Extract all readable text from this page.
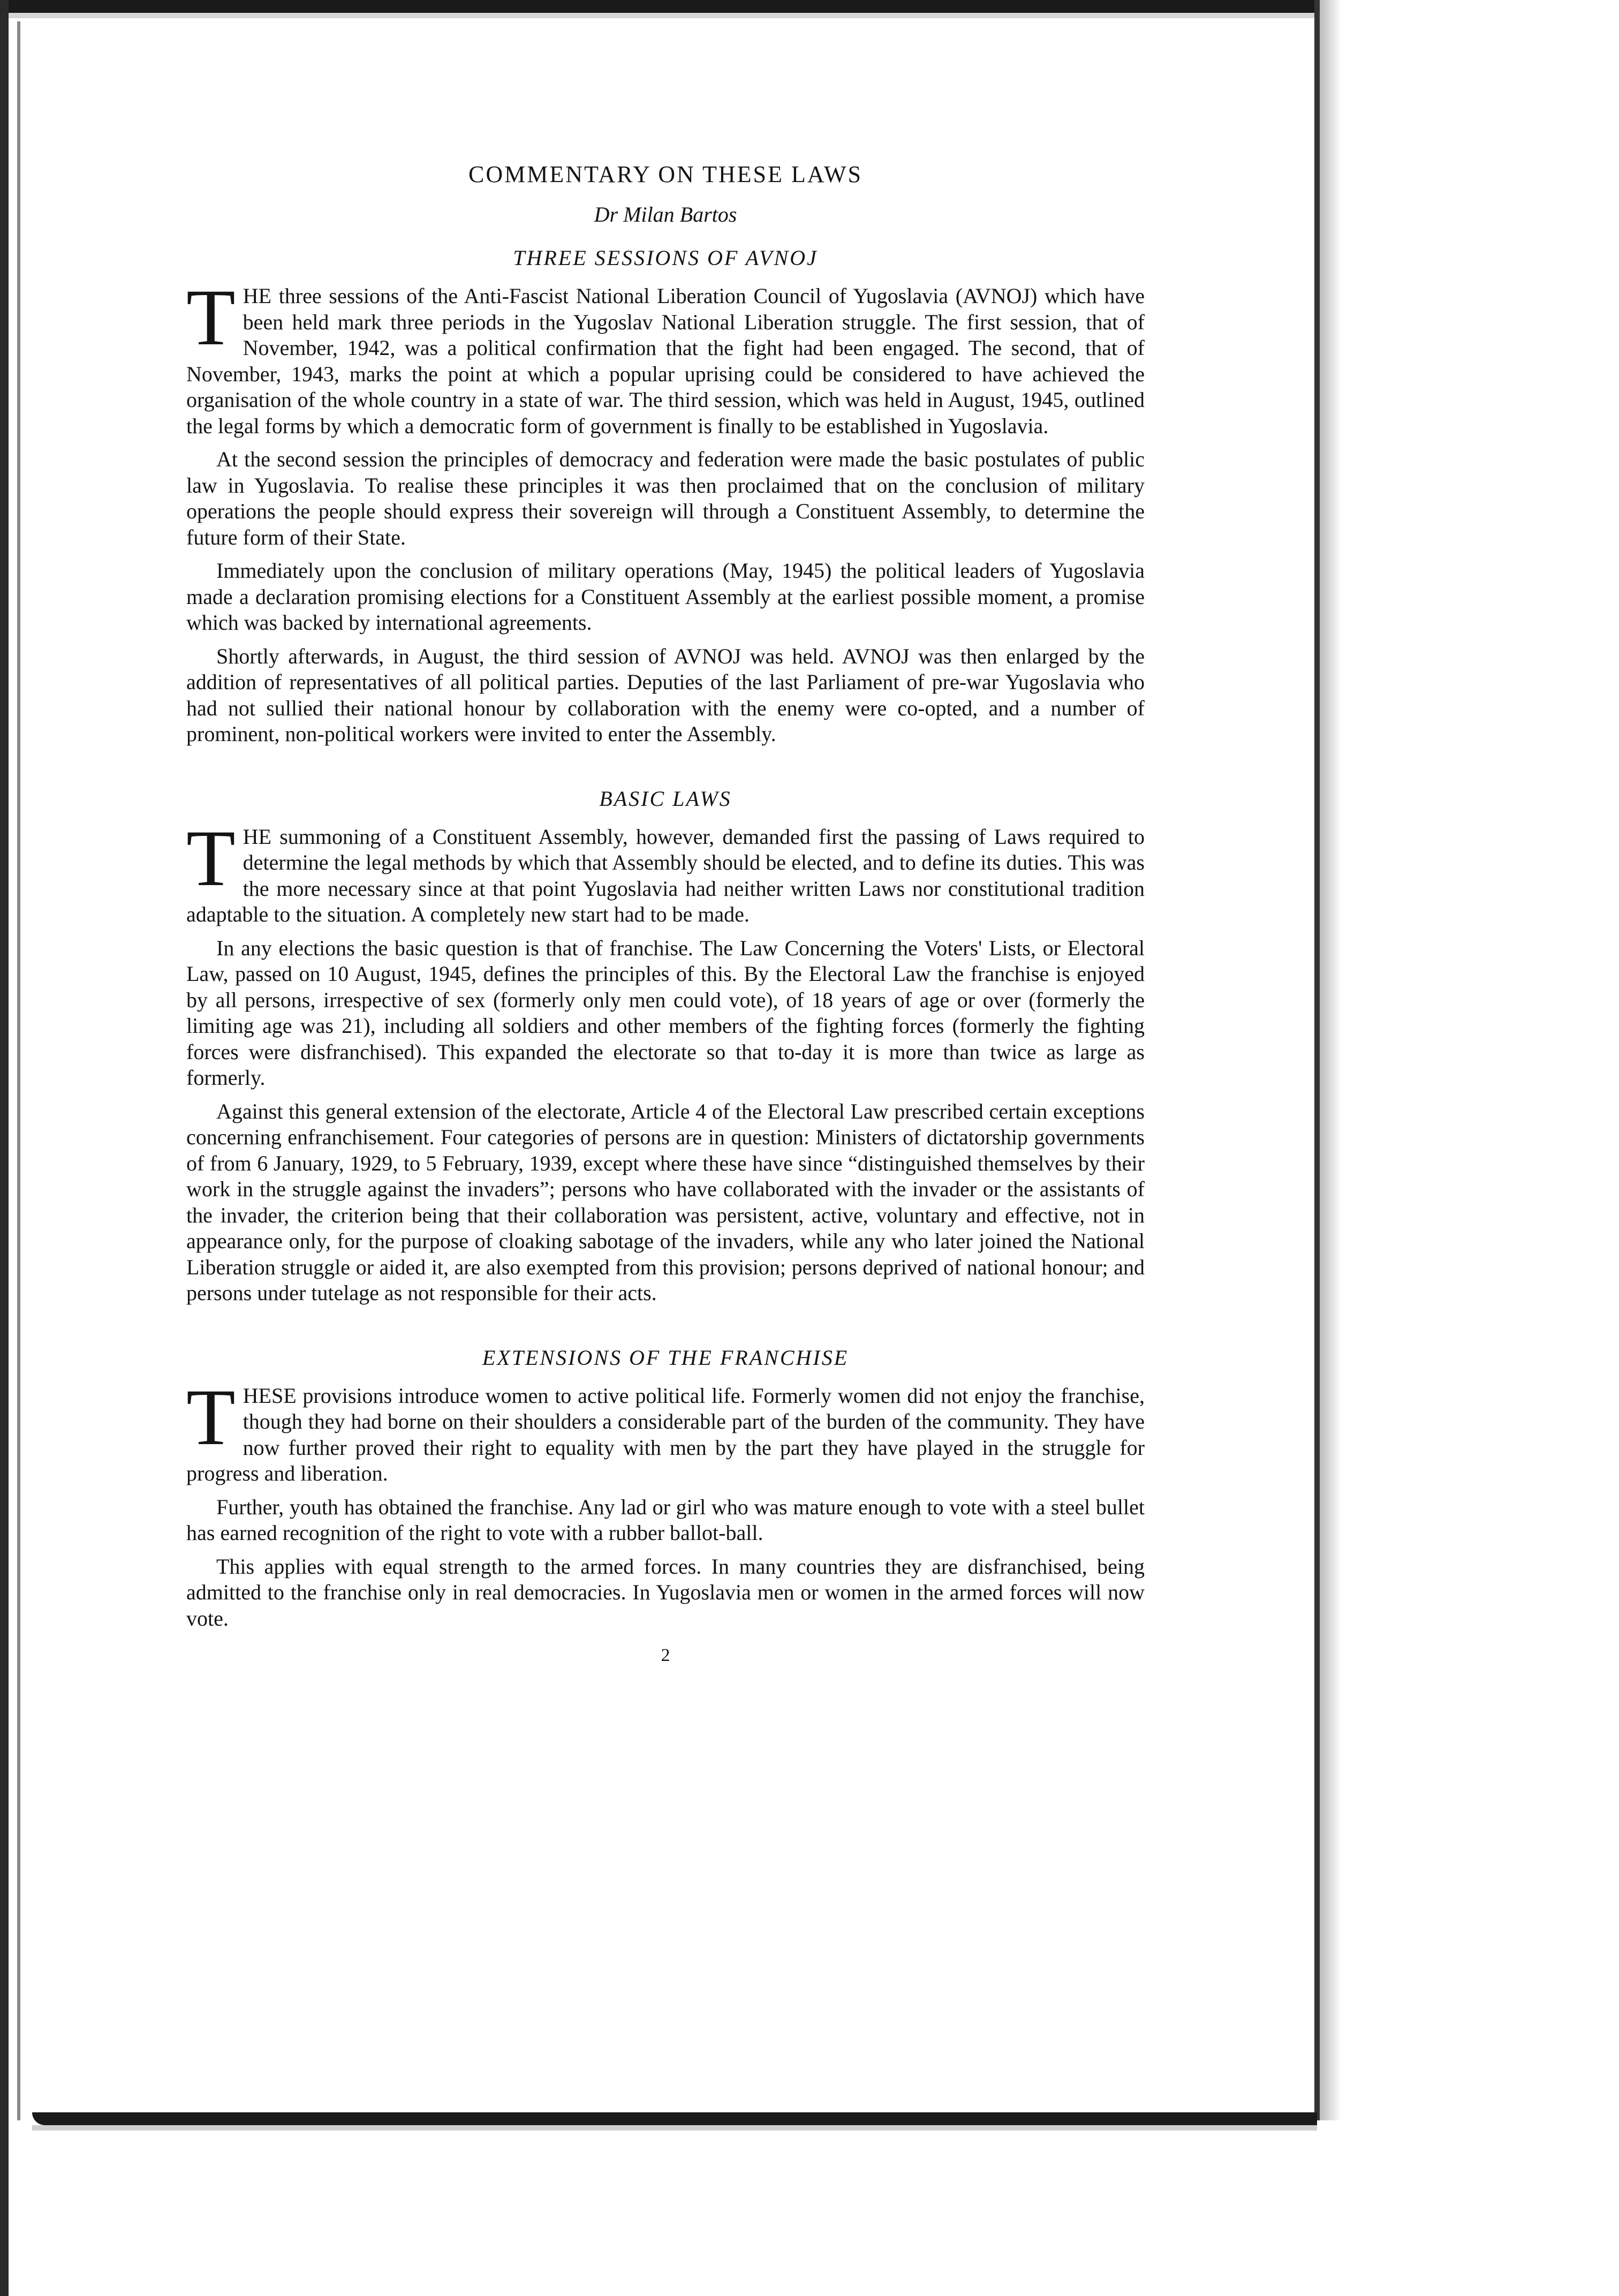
COMMENTARY ON THESE LAWS
Dr Milan Bartos
THREE SESSIONS OF AVNOJ

THE three sessions of the Anti-Fascist National Liberation Council of Yugoslavia (AVNOJ) which have been held mark three periods in the Yugoslav National Liberation struggle. The first session, that of November, 1942, was a political confirmation that the fight had been engaged. The second, that of November, 1943, marks the point at which a popular uprising could be considered to have achieved the organisation of the whole country in a state of war. The third session, which was held in August, 1945, outlined the legal forms by which a democratic form of government is finally to be established in Yugoslavia.

At the second session the principles of democracy and federation were made the basic postulates of public law in Yugoslavia. To realise these principles it was then proclaimed that on the conclusion of military operations the people should express their sovereign will through a Constituent Assembly, to determine the future form of their State.

Immediately upon the conclusion of military operations (May, 1945) the political leaders of Yugoslavia made a declaration promising elections for a Constituent Assembly at the earliest possible moment, a promise which was backed by international agreements.

Shortly afterwards, in August, the third session of AVNOJ was held. AVNOJ was then enlarged by the addition of representatives of all political parties. Deputies of the last Parliament of pre-war Yugoslavia who had not sullied their national honour by collaboration with the enemy were co-opted, and a number of prominent, non-political workers were invited to enter the Assembly.

BASIC LAWS

THE summoning of a Constituent Assembly, however, demanded first the passing of Laws required to determine the legal methods by which that Assembly should be elected, and to define its duties. This was the more necessary since at that point Yugoslavia had neither written Laws nor constitutional tradition adaptable to the situation. A completely new start had to be made.

In any elections the basic question is that of franchise. The Law Concerning the Voters' Lists, or Electoral Law, passed on 10 August, 1945, defines the principles of this. By the Electoral Law the franchise is enjoyed by all persons, irrespective of sex (formerly only men could vote), of 18 years of age or over (formerly the limiting age was 21), including all soldiers and other members of the fighting forces (formerly the fighting forces were disfranchised). This expanded the electorate so that to-day it is more than twice as large as formerly.

Against this general extension of the electorate, Article 4 of the Electoral Law prescribed certain exceptions concerning enfranchisement. Four categories of persons are in question: Ministers of dictatorship governments of from 6 January, 1929, to 5 February, 1939, except where these have since “distinguished themselves by their work in the struggle against the invaders”; persons who have collaborated with the invader or the assistants of the invader, the criterion being that their collaboration was persistent, active, voluntary and effective, not in appearance only, for the purpose of cloaking sabotage of the invaders, while any who later joined the National Liberation struggle or aided it, are also exempted from this provision; persons deprived of national honour; and persons under tutelage as not responsible for their acts.

EXTENSIONS OF THE FRANCHISE

THESE provisions introduce women to active political life. Formerly women did not enjoy the franchise, though they had borne on their shoulders a considerable part of the burden of the community. They have now further proved their right to equality with men by the part they have played in the struggle for progress and liberation.

Further, youth has obtained the franchise. Any lad or girl who was mature enough to vote with a steel bullet has earned recognition of the right to vote with a rubber ballot-ball.

This applies with equal strength to the armed forces. In many countries they are disfranchised, being admitted to the franchise only in real democracies. In Yugoslavia men or women in the armed forces will now vote.

2
